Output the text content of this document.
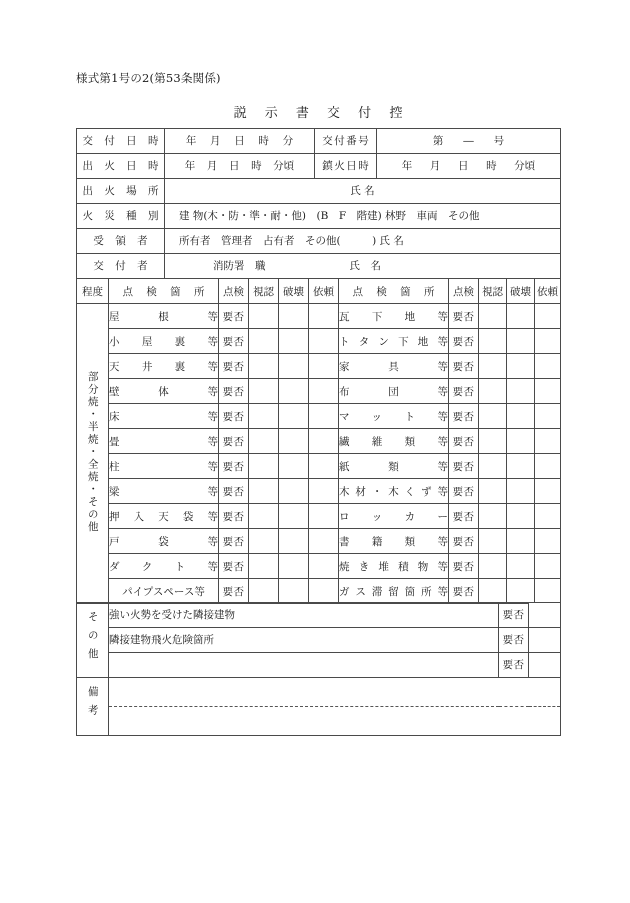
様式第1号の2(第53条関係)
説 示 書 交 付 控
交 付 日 時	年 月 日 時 分	交付番号	第 ― 号

出 火 日 時	年 月 日 時 分頃	鎮火日時	年 月 日 時 分頃

出 火 場 所	氏 名		
火 災 種 別	建 物(木・防・準・耐・他)　(B　F　階建) 林野　車両　その他		
受 領 者	所有者　管理者　占有者　その他(　　　) 氏 名		
交 付 者	消防署　職　　　　　　　　氏　名		
程度	点 検 箇 所	点検	視認	破壊	依頼	点 検 箇 所	点検	視認	破壊	依頼
部分焼・半焼・全焼・その他	屋根等	要否				瓦下地等	要否			

	小屋裏等	要否				トタン下地等	要否			

	天井裏等	要否				家具等	要否			

	壁体等	要否				布団等	要否			

	床等	要否				マット等	要否			

	畳等	要否				繊維類等	要否			

	柱等	要否				紙類等	要否			

	梁等	要否				木材・木くず等	要否			

	押入天袋等	要否				ロッカー	要否			

	戸袋等	要否				書籍類等	要否			

	ダクト等	要否				焼き堆積物等	要否			

	パイプスペース等	要否				ガス滞留箇所等	要否			
その他	強い火勢を受けた隣接建物	要否	
	隣接建物飛火危険箇所	要否	
		要否	
備考			
